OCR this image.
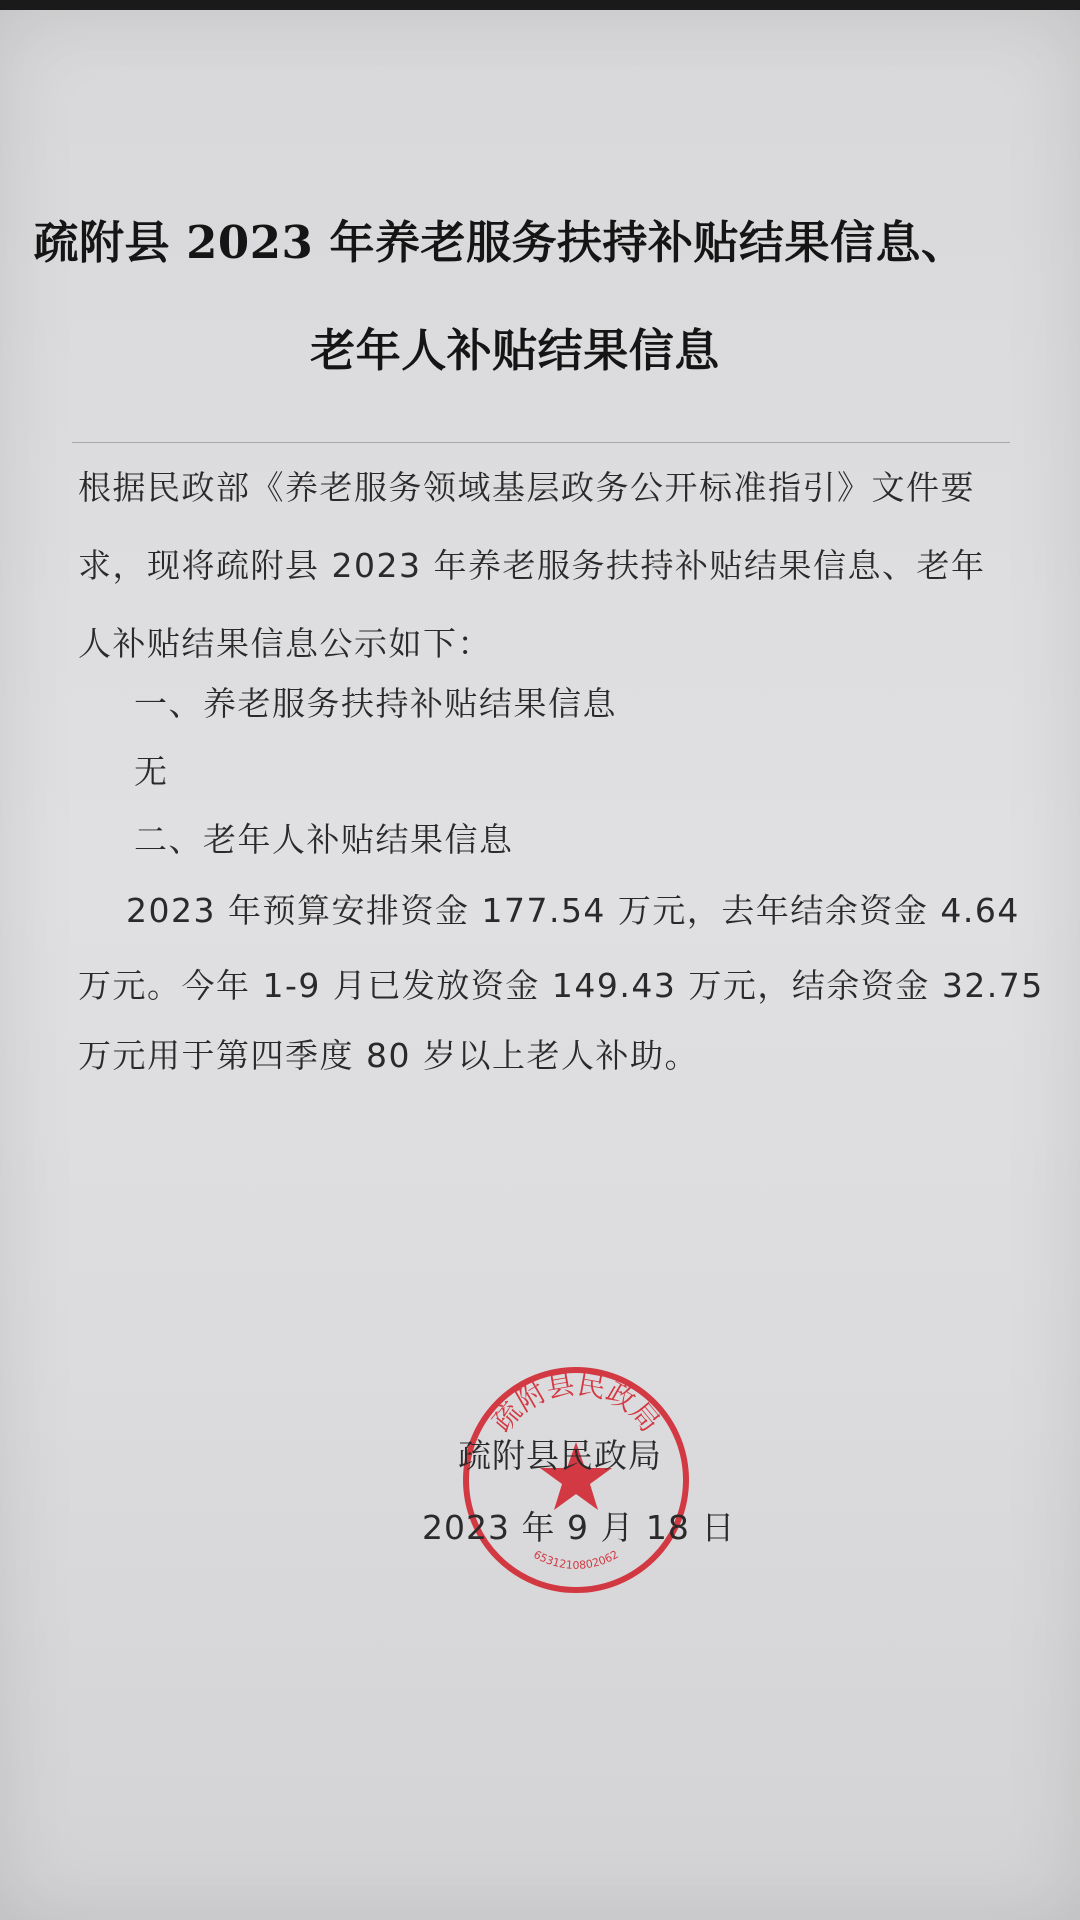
疏附县 2023 年养老服务扶持补贴结果信息、
老年人补贴结果信息
根据民政部《养老服务领域基层政务公开标准指引》文件要
求，现将疏附县 2023 年养老服务扶持补贴结果信息、老年
人补贴结果信息公示如下：
一、养老服务扶持补贴结果信息
无
二、老年人补贴结果信息
2023 年预算安排资金 177.54 万元，去年结余资金 4.64
万元。今年 1-9 月已发放资金 149.43 万元，结余资金 32.75
万元用于第四季度 80 岁以上老人补助。
疏附县民政局
6531210802062
疏附县民政局
2023 年 9 月 18 日
